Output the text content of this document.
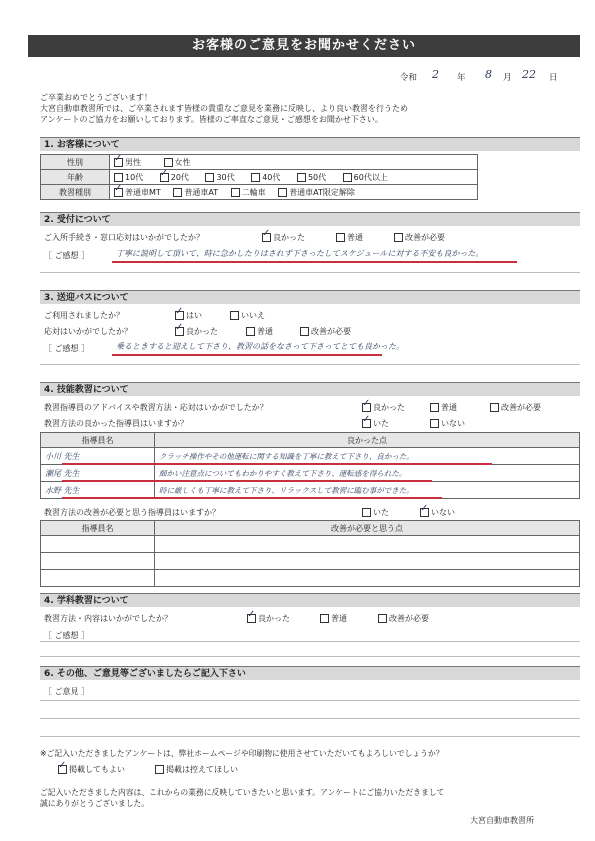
お客様のご意見をお聞かせください
令和 2 年 8 月 22 日
ご卒業おめでとうございます！
大宮自動車教習所では、ご卒業されます皆様の貴重なご意見を業務に反映し、より良い教習を行うため
アンケートのご協力をお願いしております。皆様のご率直なご意見・ご感想をお聞かせ下さい。
1. お客様について
性別	✓男性 女性
年齢	10代 ✓ 20代 30代 40代 50代 60代以上
教習種別	✓普通車MT 普通車AT 二輪車 普通車AT限定解除
2. 受付について
ご入所手続き・窓口応対はいかがでしたか？ ✓	良かった	普通	改善が必要
［ ご感想 ］	丁寧に説明して頂いて、時に急かしたりはされず下さったしてスケジュールに対する不安も良かった。
3. 送迎バスについて
ご利用されましたか？ ✓	はい	いいえ
応対はいかがでしたか？ ✓	良かった	普通	改善が必要
［ ご感想 ］	乗るときすると迎えして下さり、教習の話をなさって下さってとても良かった。
4. 技能教習について
教習指導員のアドバイスや教習方法・応対はいかがでしたか？ ✓	良かった	普通	改善が必要
教習方法の良かった指導員はいますか？ ✓	いた	いない
指導員名	良かった点
小川 先生	クラッチ操作やその他運転に関する知識を丁寧に教えて下さり、良かった。
瀬尾 先生	細かい注意点についてもわかりやすく教えて下さり、運転感を得られた。
水野 先生	時に厳しくも丁寧に教えて下さり、リラックスして教習に臨む事ができた。
教習方法の改善が必要と思う指導員はいますか？	いた ✓	いない
指導員名	改善が必要と思う点

4. 学科教習について
教習方法・内容はいかがでしたか？ ✓	良かった	普通	改善が必要
［ ご感想 ］
6. その他、ご意見等ございましたらご記入下さい
［ ご意見 ］
※ご記入いただきましたアンケートは、弊社ホームページや印刷物に使用させていただいてもよろしいでしょうか？
✓掲載してもよい	掲載は控えてほしい
ご記入いただきました内容は、これからの業務に反映していきたいと思います。アンケートにご協力いただきまして
誠にありがとうございました。
大宮自動車教習所
